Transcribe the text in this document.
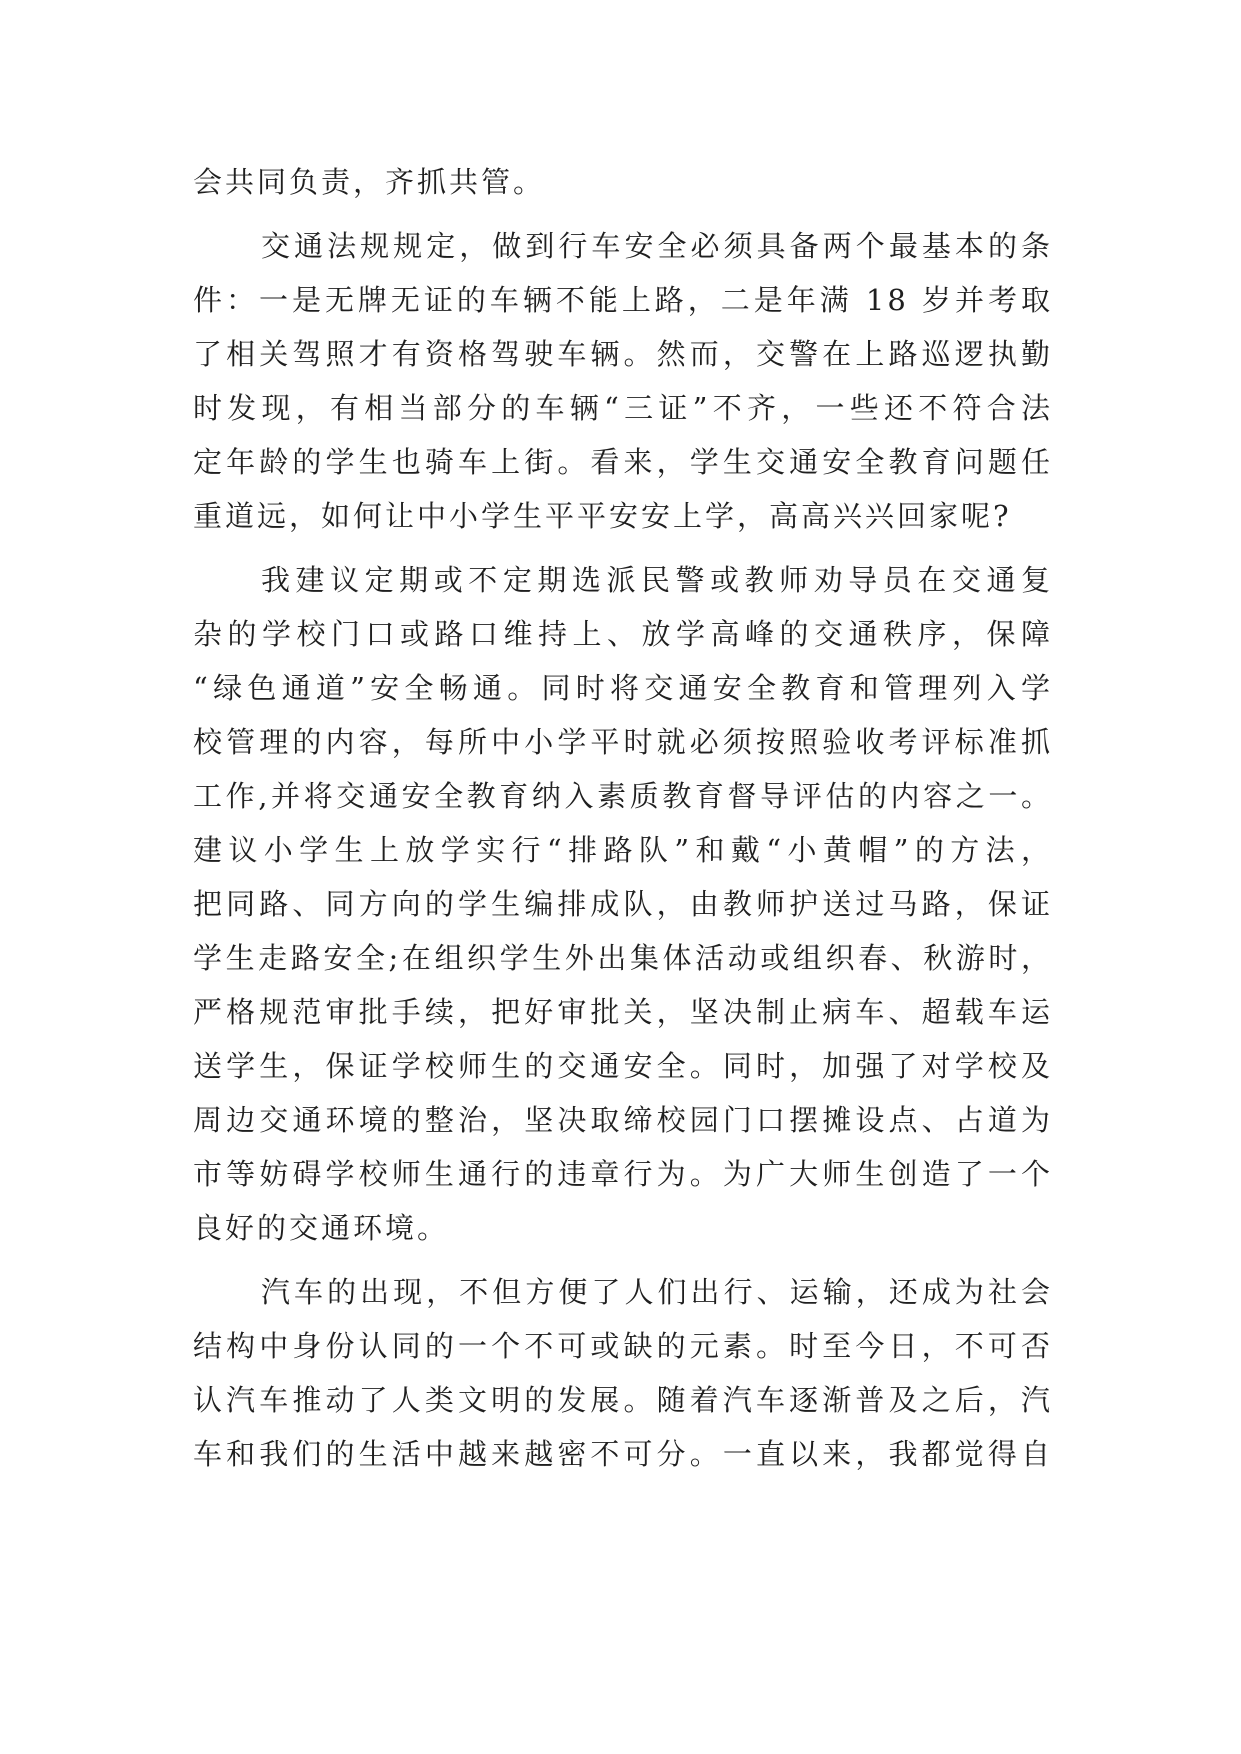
会共同负责，齐抓共管。
交通法规规定，做到行车安全必须具备两个最基本的条
件：一是无牌无证的车辆不能上路，二是年满 18 岁并考取
了相关驾照才有资格驾驶车辆。然而，交警在上路巡逻执勤
时发现，有相当部分的车辆“三证”不齐，一些还不符合法
定年龄的学生也骑车上街。看来，学生交通安全教育问题任
重道远，如何让中小学生平平安安上学，高高兴兴回家呢?
我建议定期或不定期选派民警或教师劝导员在交通复
杂的学校门口或路口维持上、放学高峰的交通秩序，保障
“绿色通道”安全畅通。同时将交通安全教育和管理列入学
校管理的内容，每所中小学平时就必须按照验收考评标准抓
工作,并将交通安全教育纳入素质教育督导评估的内容之一。
建议小学生上放学实行“排路队”和戴“小黄帽”的方法，
把同路、同方向的学生编排成队，由教师护送过马路，保证
学生走路安全;在组织学生外出集体活动或组织春、秋游时，
严格规范审批手续，把好审批关，坚决制止病车、超载车运
送学生，保证学校师生的交通安全。同时，加强了对学校及
周边交通环境的整治，坚决取缔校园门口摆摊设点、占道为
市等妨碍学校师生通行的违章行为。为广大师生创造了一个
良好的交通环境。
汽车的出现，不但方便了人们出行、运输，还成为社会
结构中身份认同的一个不可或缺的元素。时至今日，不可否
认汽车推动了人类文明的发展。随着汽车逐渐普及之后，汽
车和我们的生活中越来越密不可分。一直以来，我都觉得自
